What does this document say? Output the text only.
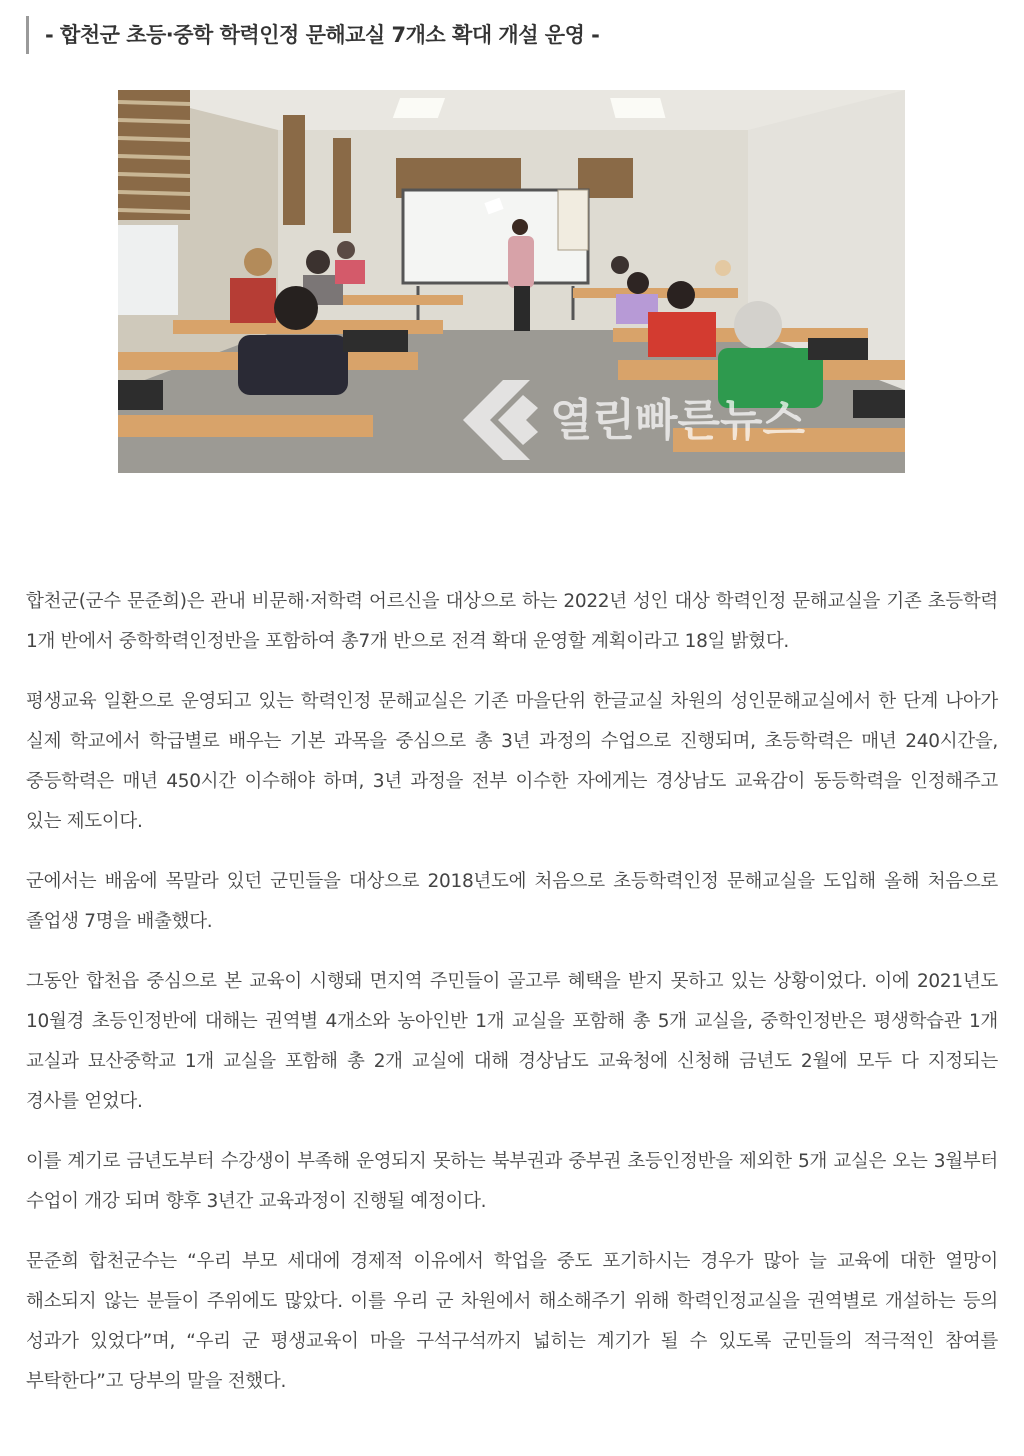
- 합천군 초등·중학 학력인정 문해교실 7개소 확대 개설 운영 -
열린빠른뉴스

합천군(군수 문준희)은 관내 비문해·저학력 어르신을 대상으로 하는 2022년 성인 대상 학력인정 문해교실을 기존 초등학력 1개 반에서 중학학력인정반을 포함하여 총7개 반으로 전격 확대 운영할 계획이라고 18일 밝혔다.

평생교육 일환으로 운영되고 있는 학력인정 문해교실은 기존 마을단위 한글교실 차원의 성인문해교실에서 한 단계 나아가 실제 학교에서 학급별로 배우는 기본 과목을 중심으로 총 3년 과정의 수업으로 진행되며, 초등학력은 매년 240시간을, 중등학력은 매년 450시간 이수해야 하며, 3년 과정을 전부 이수한 자에게는 경상남도 교육감이 동등학력을 인정해주고 있는 제도이다.

군에서는 배움에 목말라 있던 군민들을 대상으로 2018년도에 처음으로 초등학력인정 문해교실을 도입해 올해 처음으로 졸업생 7명을 배출했다.

그동안 합천읍 중심으로 본 교육이 시행돼 면지역 주민들이 골고루 혜택을 받지 못하고 있는 상황이었다. 이에 2021년도 10월경 초등인정반에 대해는 권역별 4개소와 농아인반 1개 교실을 포함해 총 5개 교실을, 중학인정반은 평생학습관 1개 교실과 묘산중학교 1개 교실을 포함해 총 2개 교실에 대해 경상남도 교육청에 신청해 금년도 2월에 모두 다 지정되는 경사를 얻었다.

이를 계기로 금년도부터 수강생이 부족해 운영되지 못하는 북부권과 중부권 초등인정반을 제외한 5개 교실은 오는 3월부터 수업이 개강 되며 향후 3년간 교육과정이 진행될 예정이다.

문준희 합천군수는 “우리 부모 세대에 경제적 이유에서 학업을 중도 포기하시는 경우가 많아 늘 교육에 대한 열망이 해소되지 않는 분들이 주위에도 많았다. 이를 우리 군 차원에서 해소해주기 위해 학력인정교실을 권역별로 개설하는 등의 성과가 있었다”며, “우리 군 평생교육이 마을 구석구석까지 넓히는 계기가 될 수 있도록 군민들의 적극적인 참여를 부탁한다”고 당부의 말을 전했다.
